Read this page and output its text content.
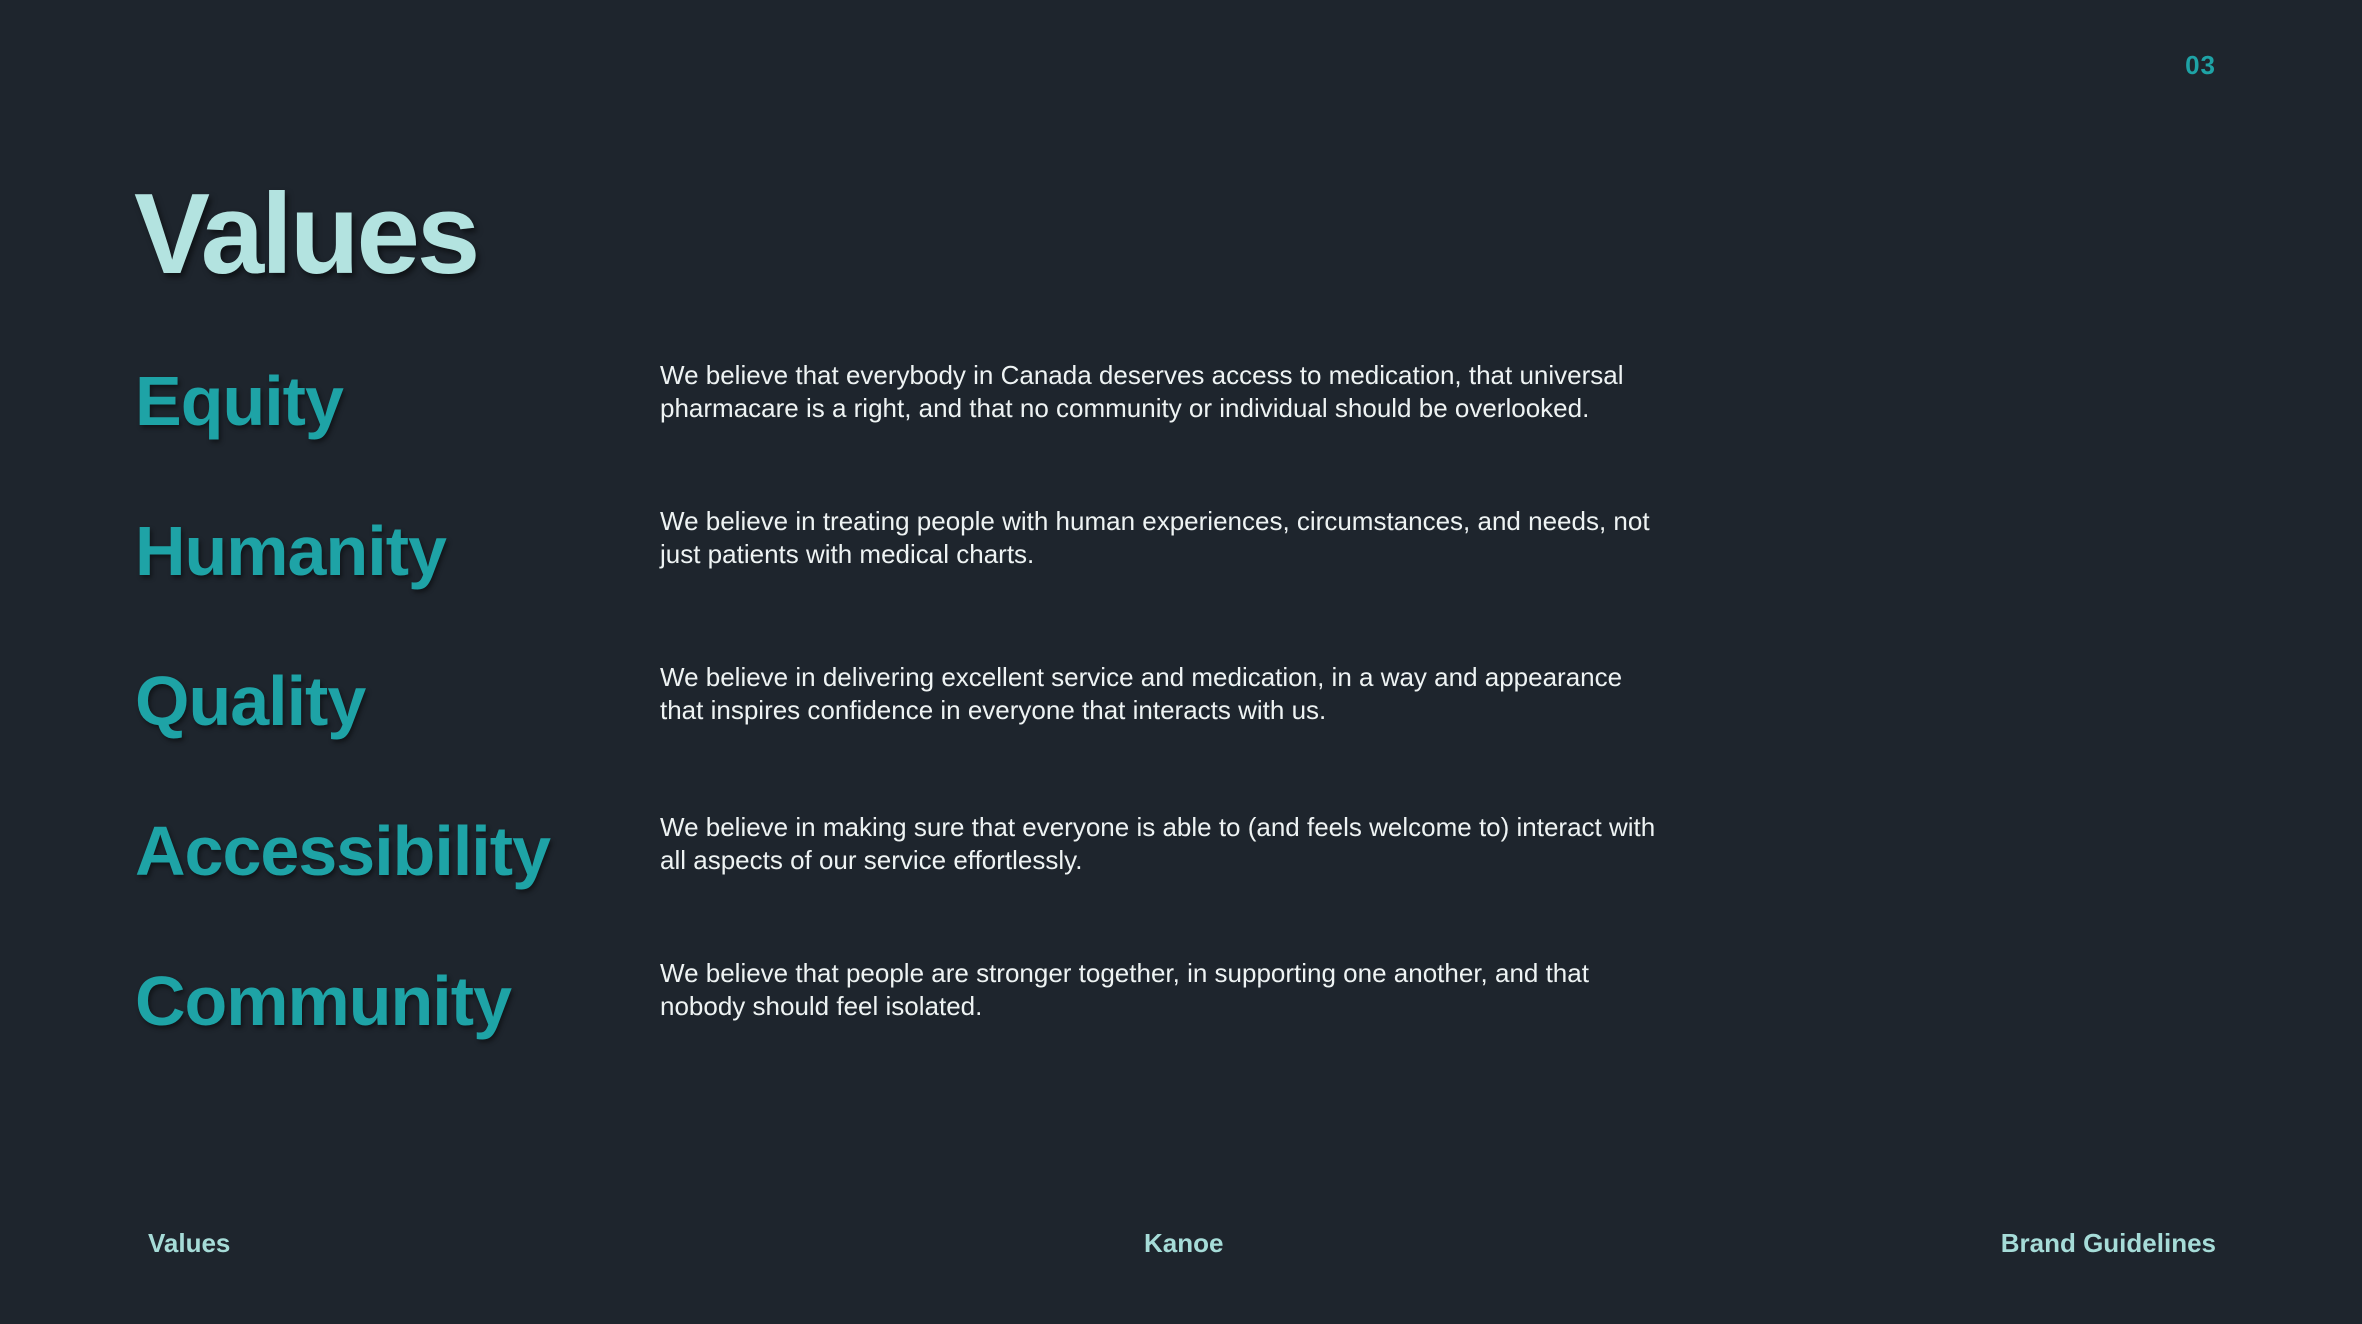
03
Values
Equity	We believe that everybody in Canada deserves access to medication, that universal pharmacare is a right, and that no community or individual should be overlooked.

Humanity	We believe in treating people with human experiences, circumstances, and needs, not just patients with medical charts.

Quality	We believe in delivering excellent service and medication, in a way and appearance that inspires confidence in everyone that interacts with us.

Accessibility	We believe in making sure that everyone is able to (and feels welcome to) interact with all aspects of our service effortlessly.

Community	We believe that people are stronger together, in supporting one another, and that nobody should feel isolated.

Values	Kanoe	Brand Guidelines
